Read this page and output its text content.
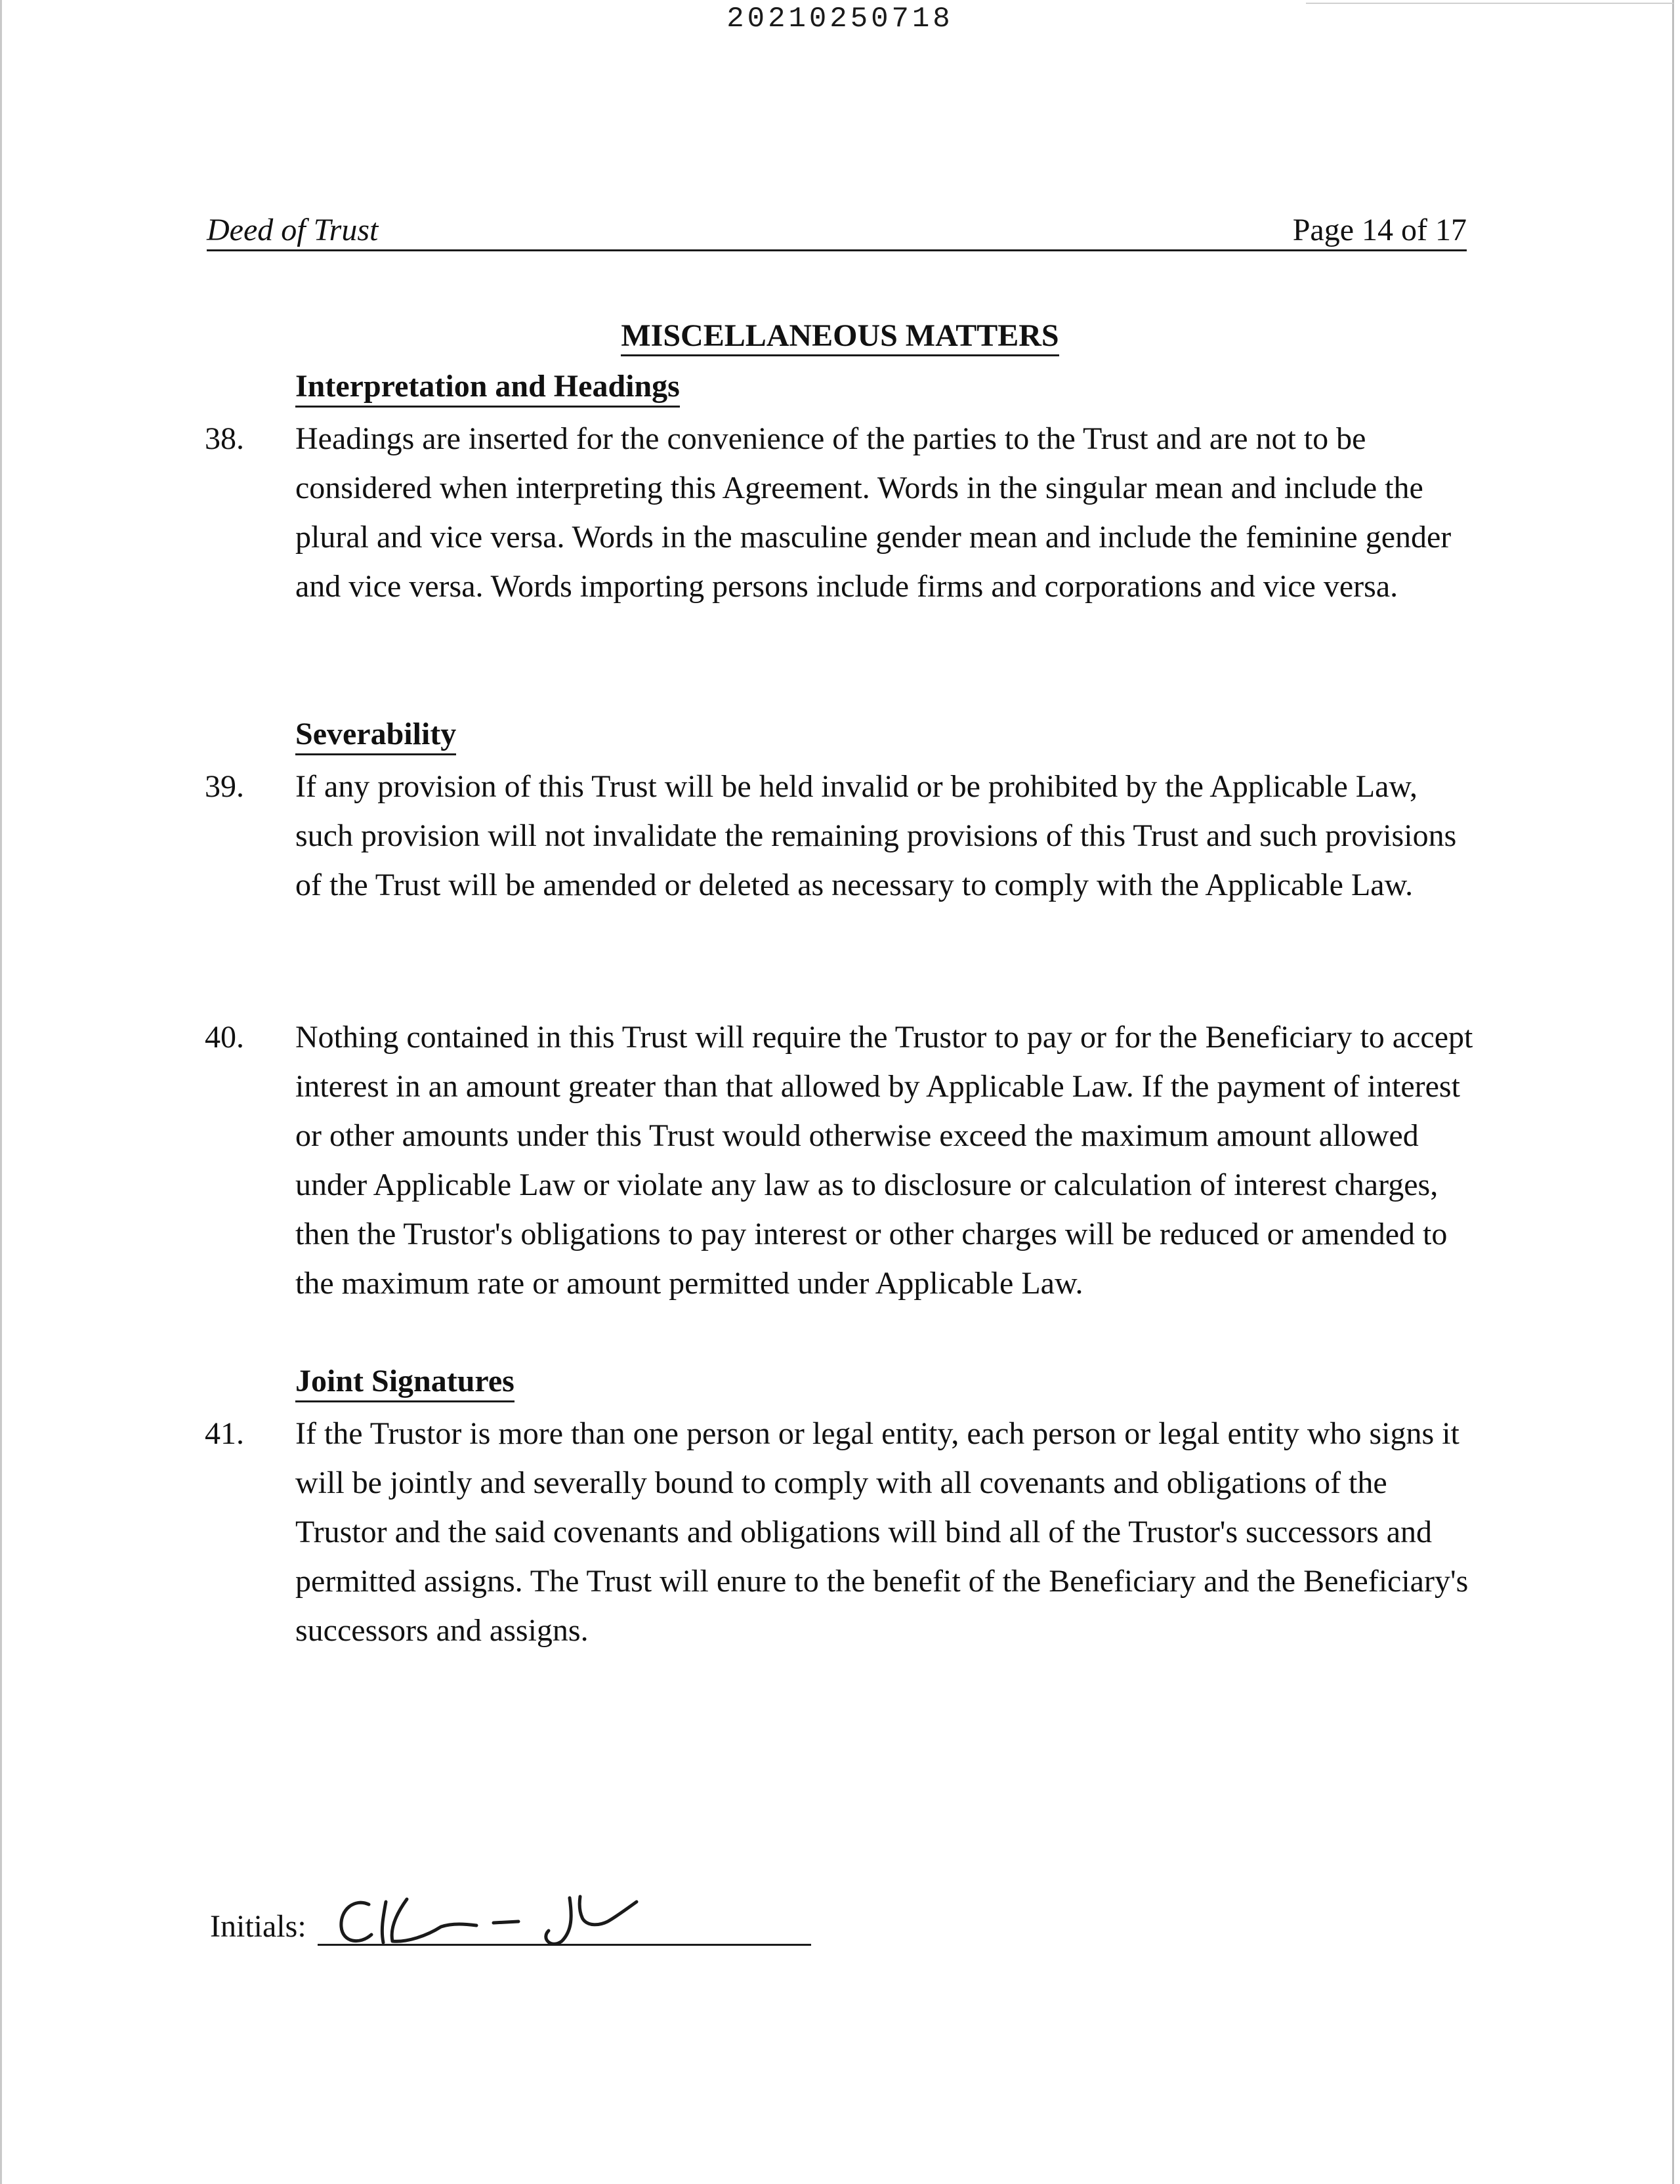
20210250718
Deed of Trust	Page 14 of 17
MISCELLANEOUS MATTERS
Interpretation and Headings
38. Headings are inserted for the convenience of the parties to the Trust and are not to be considered when interpreting this Agreement. Words in the singular mean and include the plural and vice versa. Words in the masculine gender mean and include the feminine gender and vice versa. Words importing persons include firms and corporations and vice versa.
Severability
39. If any provision of this Trust will be held invalid or be prohibited by the Applicable Law, such provision will not invalidate the remaining provisions of this Trust and such provisions of the Trust will be amended or deleted as necessary to comply with the Applicable Law.
40. Nothing contained in this Trust will require the Trustor to pay or for the Beneficiary to accept interest in an amount greater than that allowed by Applicable Law. If the payment of interest or other amounts under this Trust would otherwise exceed the maximum amount allowed under Applicable Law or violate any law as to disclosure or calculation of interest charges, then the Trustor's obligations to pay interest or other charges will be reduced or amended to the maximum rate or amount permitted under Applicable Law.
Joint Signatures
41. If the Trustor is more than one person or legal entity, each person or legal entity who signs it will be jointly and severally bound to comply with all covenants and obligations of the Trustor and the said covenants and obligations will bind all of the Trustor's successors and permitted assigns. The Trust will enure to the benefit of the Beneficiary and the Beneficiary's successors and assigns.
Initials:
